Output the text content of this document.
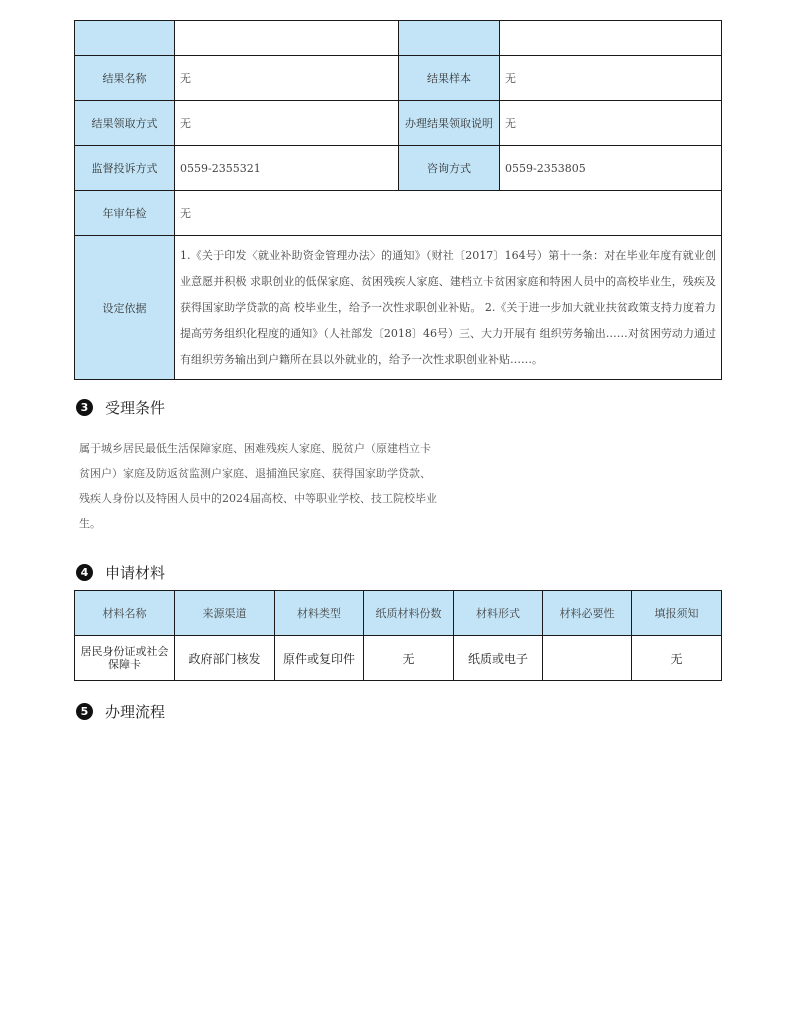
结果名称	无	结果样本	无
结果领取方式	无	办理结果领取说明	无
监督投诉方式	0559-2355321	咨询方式	0559-2353805
年审年检	无		
设定依据	1.《关于印发〈就业补助资金管理办法〉的通知》（财社〔2017〕164号）第十一条：对在毕业年度有就业创业意愿并积极 求职创业的低保家庭、贫困残疾人家庭、建档立卡贫困家庭和特困人员中的高校毕业生，残疾及获得国家助学贷款的高 校毕业生，给予一次性求职创业补贴。 2.《关于进一步加大就业扶贫政策支持力度着力提高劳务组织化程度的通知》（人社部发〔2018〕46号）三、大力开展有 组织劳务输出……对贫困劳动力通过有组织劳务输出到户籍所在县以外就业的，给予一次性求职创业补贴……。		
3	受理条件
属于城乡居民最低生活保障家庭、困难残疾人家庭、脱贫户（原建档立卡
贫困户）家庭及防返贫监测户家庭、退捕渔民家庭、获得国家助学贷款、
残疾人身份以及特困人员中的2024届高校、中等职业学校、技工院校毕业
生。
4	申请材料
材料名称	来源渠道	材料类型	纸质材料份数	材料形式	材料必要性	填报须知
居民身份证或社会保障卡	政府部门核发	原件或复印件	无	纸质或电子		无
5	办理流程
